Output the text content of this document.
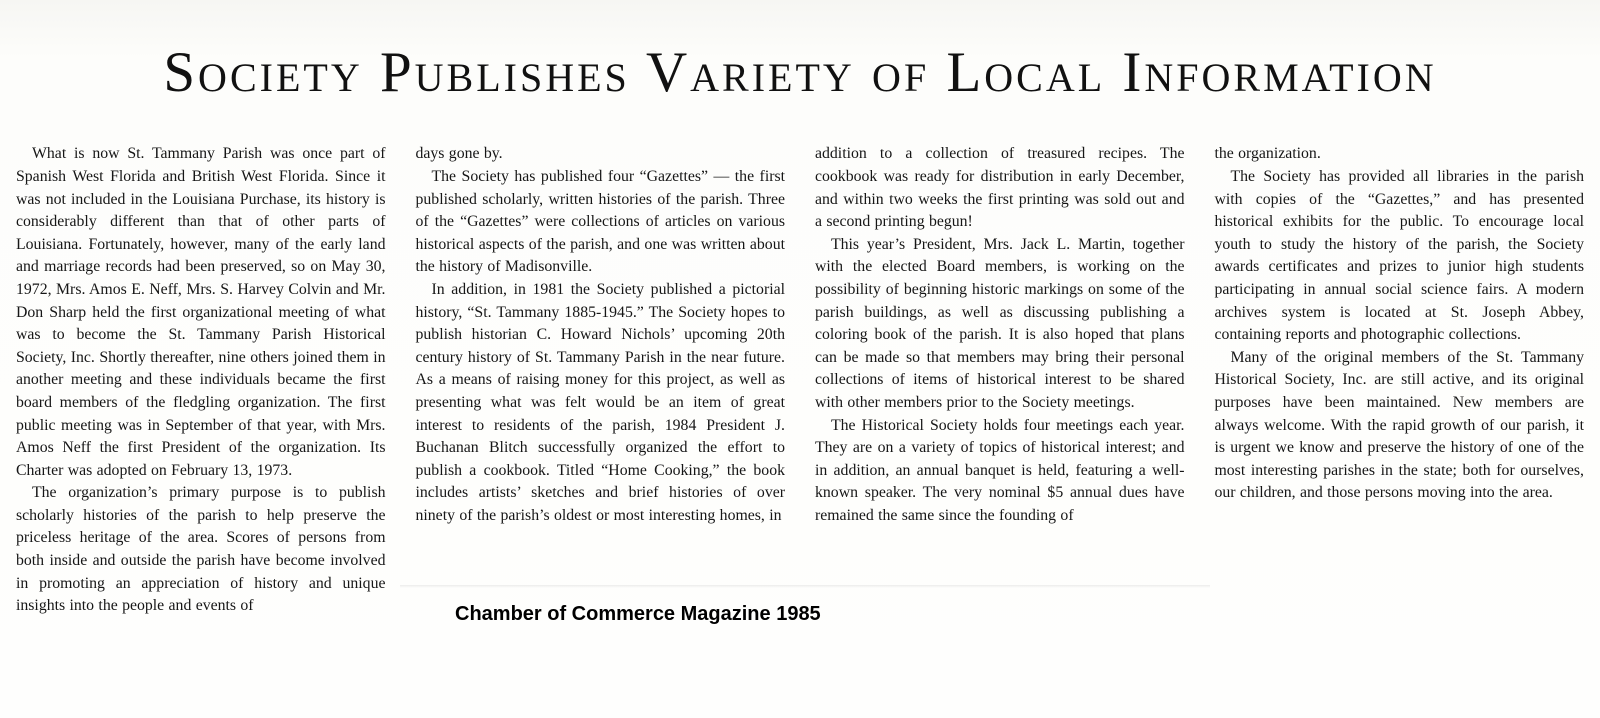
Society Publishes Variety of Local Information

What is now St. Tammany Parish was once part of Spanish West Florida and British West Florida. Since it was not included in the Louisiana Purchase, its history is considerably different than that of other parts of Louisiana. Fortunately, however, many of the early land and marriage records had been preserved, so on May 30, 1972, Mrs. Amos E. Neff, Mrs. S. Harvey Colvin and Mr. Don Sharp held the first organizational meeting of what was to become the St. Tammany Parish Historical Society, Inc. Shortly thereafter, nine others joined them in another meeting and these individuals became the first board members of the fledgling organization. The first public meeting was in September of that year, with Mrs. Amos Neff the first President of the organization. Its Charter was adopted on February 13, 1973.

The organization’s primary purpose is to publish scholarly histories of the parish to help preserve the priceless heritage of the area. Scores of persons from both inside and outside the parish have become involved in promoting an appreciation of history and unique insights into the people and events of

days gone by.

The Society has published four “Gazettes” — the first published scholarly, written histories of the parish. Three of the “Gazettes” were collections of articles on various historical aspects of the parish, and one was written about the history of Madisonville.

In addition, in 1981 the Society published a pictorial history, “St. Tammany 1885-1945.” The Society hopes to publish historian C. Howard Nichols’ upcoming 20th century history of St. Tammany Parish in the near future. As a means of raising money for this project, as well as presenting what was felt would be an item of great interest to residents of the parish, 1984 President J. Buchanan Blitch successfully organized the effort to publish a cookbook. Titled “Home Cooking,” the book includes artists’ sketches and brief histories of over ninety of the parish’s oldest or most interesting homes, in

addition to a collection of treasured recipes. The cookbook was ready for distribution in early December, and within two weeks the first printing was sold out and a second printing begun!

This year’s President, Mrs. Jack L. Martin, together with the elected Board members, is working on the possibility of beginning historic markings on some of the parish buildings, as well as discussing publishing a coloring book of the parish. It is also hoped that plans can be made so that members may bring their personal collections of items of historical interest to be shared with other members prior to the Society meetings.

The Historical Society holds four meetings each year. They are on a variety of topics of historical interest; and in addition, an annual banquet is held, featuring a well-known speaker. The very nominal $5 annual dues have remained the same since the founding of

the organization.

The Society has provided all libraries in the parish with copies of the “Gazettes,” and has presented historical exhibits for the public. To encourage local youth to study the history of the parish, the Society awards certificates and prizes to junior high students participating in annual social science fairs. A modern archives system is located at St. Joseph Abbey, containing reports and photographic collections.

Many of the original members of the St. Tammany Historical Society, Inc. are still active, and its original purposes have been maintained. New members are always welcome. With the rapid growth of our parish, it is urgent we know and preserve the history of one of the most interesting parishes in the state; both for ourselves, our children, and those persons moving into the area.

Chamber of Commerce Magazine 1985
